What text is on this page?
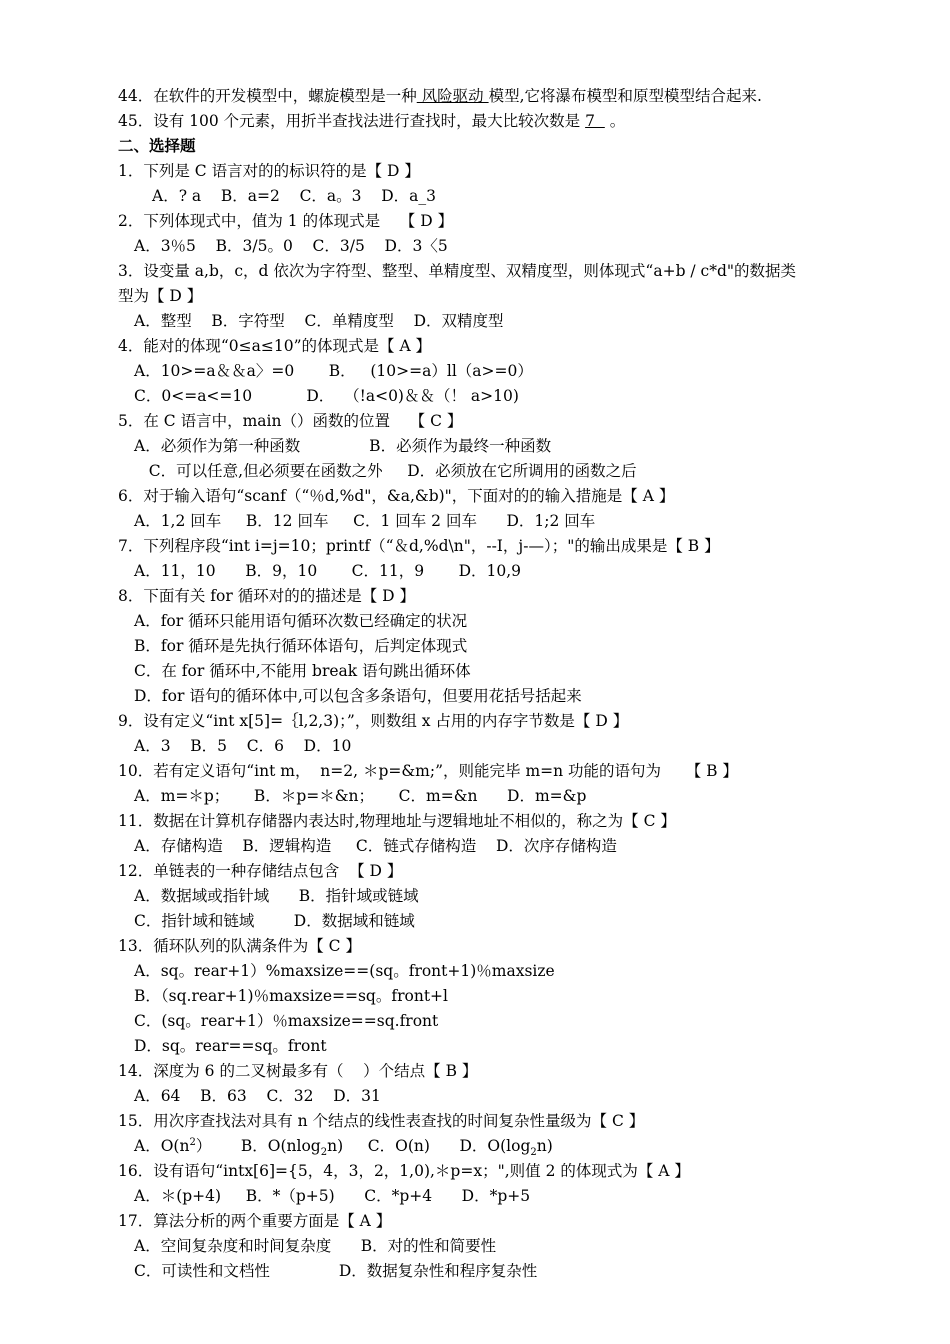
44．在软件的开发模型中，螺旋模型是一种 风险驱动 模型,它将瀑布模型和原型模型结合起来.
45．设有 100 个元素，用折半查找法进行查找时，最大比较次数是 7   。
二、选择题
1．下列是 C 语言对的的标识符的是【 D 】
A．? a    B．a=2    C．a。3    D．a_3
2．下列体现式中，值为 1 的体现式是    【 D 】
A．3％5    B．3/5。0    C．3/5    D．3〈5
3．设变量 a,b，c，d 依次为字符型、整型、单精度型、双精度型，则体现式“a+b / c*d"的数据类
型为【 D 】
A．整型    B．字符型    C．单精度型    D．双精度型
4．能对的体现“0≤a≤10”的体现式是【 A 】
A．10>=a＆＆a〉=0       B．   (10>=a）ll（a>=0）
C．0<=a<=10           D．  （!a<0)＆＆（！ a>10)
5．在 C 语言中，main（）函数的位置    【 C 】
A．必须作为第一种函数              B．必须作为最终一种函数
C．可以任意,但必须要在函数之外     D．必须放在它所调用的函数之后
6．对于输入语句“scanf（“％d,%d"，&a,&b)"，下面对的的输入措施是【 A 】
A．1,2 回车     B．12 回车     C．1 回车 2 回车      D．1;2 回车
7．下列程序段“int i=j=10；printf（“＆d,%d\n"，--I，j-—）；"的输出成果是【 B 】
A．11，10      B．9，10       C．11，9       D．10,9
8．下面有关 for 循环对的的描述是【 D 】
A．for 循环只能用语句循环次数已经确定的状况
B．for 循环是先执行循环体语句，后判定体现式
C．在 for 循环中,不能用 break 语句跳出循环体
D．for 语句的循环体中,可以包含多条语句，但要用花括号括起来
9．设有定义“int x[5]=｛l,2,3)；”，则数组 x 占用的内存字节数是【 D 】
A．3    B．5    C．6    D．10
10．若有定义语句“int m，  n=2, ＊p=&m;”，则能完毕 m=n 功能的语句为     【 B 】
A．m=＊p；     B．＊p=＊&n；     C．m=&n      D．m=&p
11．数据在计算机存储器内表达时,物理地址与逻辑地址不相似的，称之为【 C 】
A．存储构造    B．逻辑构造     C．链式存储构造    D．次序存储构造
12．单链表的一种存储结点包含  【 D 】
A．数据域或指针域      B．指针域或链域
C．指针域和链域        D．数据域和链域
13．循环队列的队满条件为【 C 】
A．sq。rear+1）%maxsize==(sq。front+1)％maxsize
B．（sq.rear+1)％maxsize==sq。front+l
C．(sq。rear+1）％maxsize==sq.front
D．sq。rear==sq。front
14．深度为 6 的二叉树最多有（    ）个结点【 B 】
A．64    B．63    C．32    D．31
15．用次序查找法对具有 n 个结点的线性表查找的时间复杂性量级为【 C 】
A．$O(n^2)$      B．O(nlog$_2$n)     C．O(n)      D．$O(\log_2n)$
16．设有语句“intx[6]={5，4，3，2，1,0),＊p=x；",则值 2 的体现式为【 A 】
A．＊(p+4)     B．*（p+5)      C．*p+4      D．*p+5
17．算法分析的两个重要方面是【 A 】
A．空间复杂度和时间复杂度      B．对的性和简要性
C．可读性和文档性              D．数据复杂性和程序复杂性
